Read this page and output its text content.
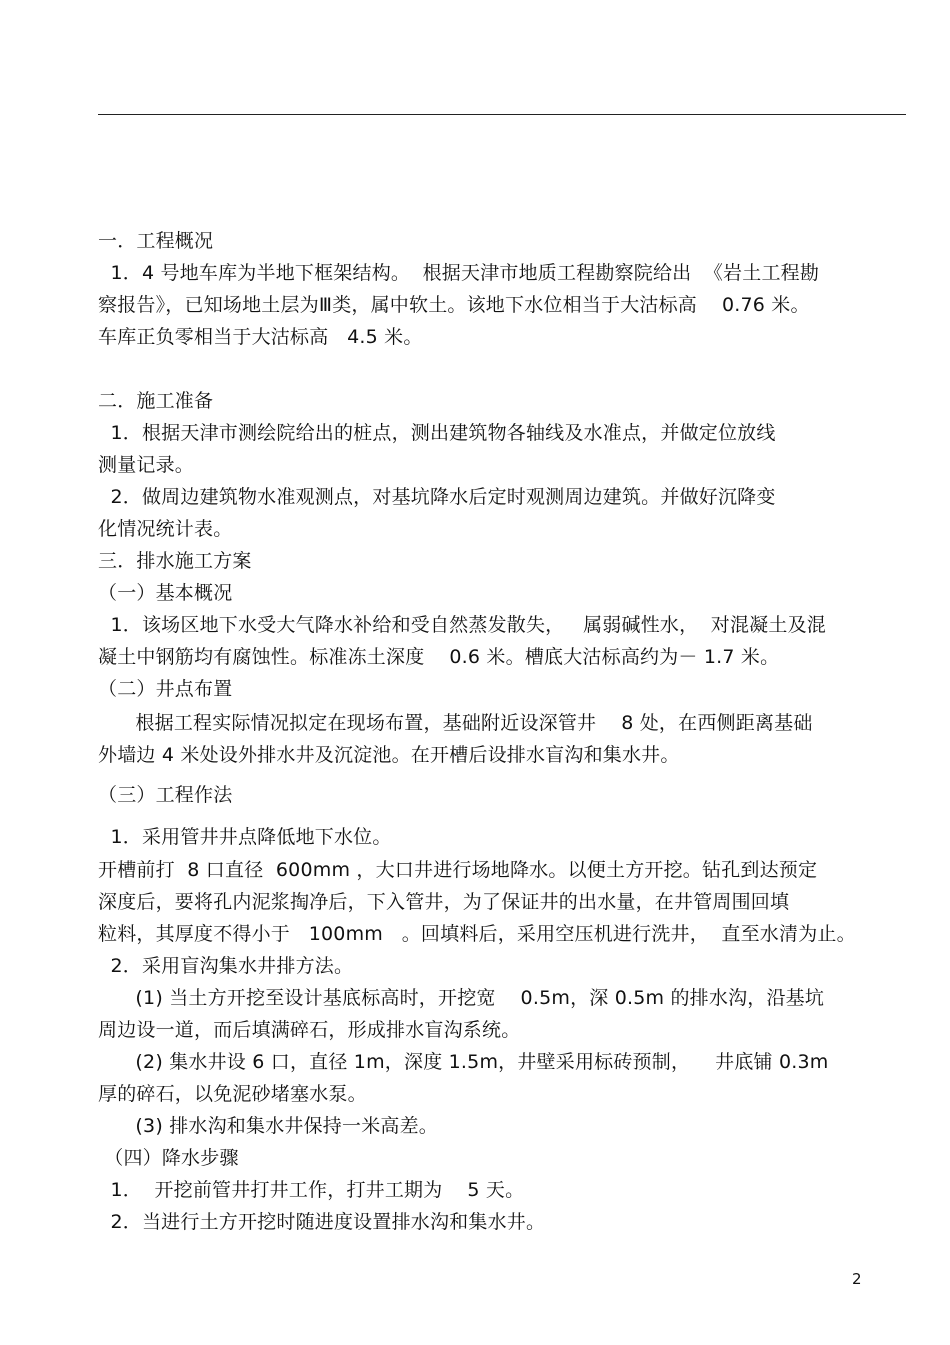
一．工程概况
1．4 号地车库为半地下框架结构。  根据天津市地质工程勘察院给出  《岩土工程勘
察报告》，已知场地土层为Ⅲ类，属中软土。该地下水位相当于大沽标高    0.76 米。
车库正负零相当于大沽标高   4.5 米。
二．施工准备
1．根据天津市测绘院给出的桩点，测出建筑物各轴线及水准点，并做定位放线
测量记录。
2．做周边建筑物水准观测点，对基坑降水后定时观测周边建筑。并做好沉降变
化情况统计表。
三．排水施工方案
（一）基本概况
1．该场区地下水受大气降水补给和受自然蒸发散失，   属弱碱性水，  对混凝土及混
凝土中钢筋均有腐蚀性。标准冻土深度    0.6 米。槽底大沽标高约为－ 1.7 米。
（二）井点布置
根据工程实际情况拟定在现场布置，基础附近设深管井    8 处，在西侧距离基础
外墙边 4 米处设外排水井及沉淀池。在开槽后设排水盲沟和集水井。
（三）工程作法
1．采用管井井点降低地下水位。
开槽前打  8 口直径  600mm ，大口井进行场地降水。以便土方开挖。钻孔到达预定
深度后，要将孔内泥浆掏净后，下入管井，为了保证井的出水量，在井管周围回填
粒料，其厚度不得小于   100mm   。回填料后，采用空压机进行洗井，  直至水清为止。
2．采用盲沟集水井排方法。
(1) 当土方开挖至设计基底标高时，开挖宽    0.5m，深 0.5m 的排水沟，沿基坑
周边设一道，而后填满碎石，形成排水盲沟系统。
(2) 集水井设 6 口，直径 1m，深度 1.5m，井壁采用标砖预制，    井底铺 0.3m
厚的碎石，以免泥砂堵塞水泵。
(3) 排水沟和集水井保持一米高差。
（四）降水步骤
1．  开挖前管井打井工作，打井工期为    5 天。
2．当进行土方开挖时随进度设置排水沟和集水井。
2
